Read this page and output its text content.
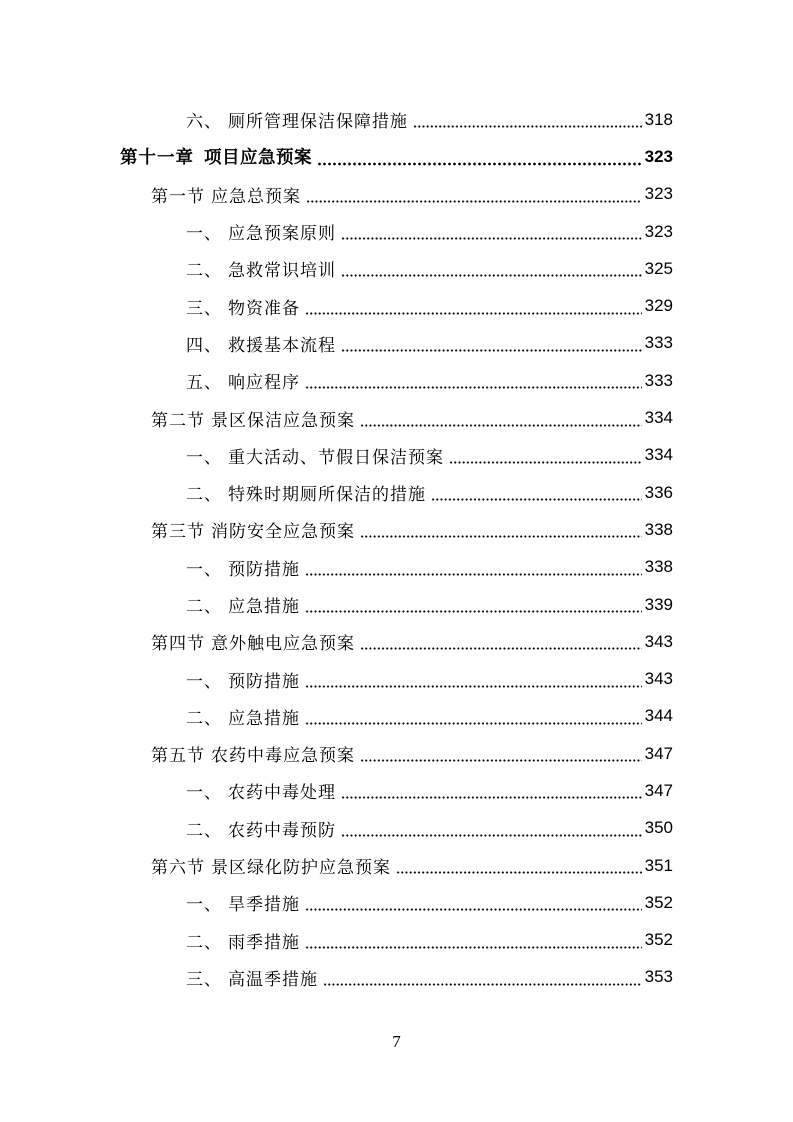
六、 厕所管理保洁保障措施	318
第十一章 项目应急预案	323
第一节 应急总预案	323
一、 应急预案原则	323
二、 急救常识培训	325
三、 物资准备	329
四、 救援基本流程	333
五、 响应程序	333
第二节 景区保洁应急预案	334
一、 重大活动、节假日保洁预案	334
二、 特殊时期厕所保洁的措施	336
第三节 消防安全应急预案	338
一、 预防措施	338
二、 应急措施	339
第四节 意外触电应急预案	343
一、 预防措施	343
二、 应急措施	344
第五节 农药中毒应急预案	347
一、 农药中毒处理	347
二、 农药中毒预防	350
第六节 景区绿化防护应急预案	351
一、 旱季措施	352
二、 雨季措施	352
三、 高温季措施	353
7
